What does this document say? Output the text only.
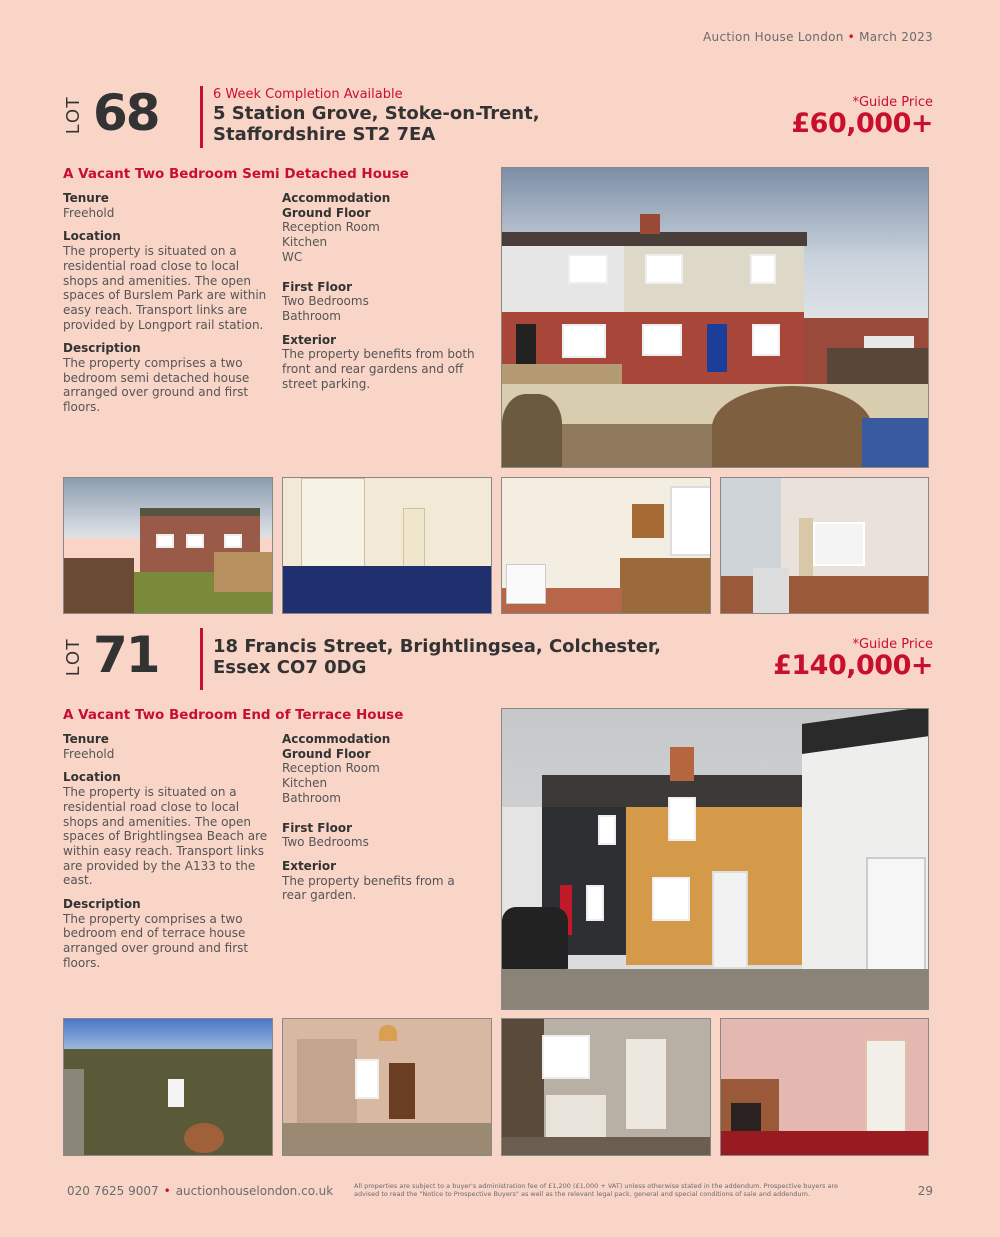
Auction House London • March 2023
LOT 68	6 Week Completion Available
5 Station Grove, Stoke-on-Trent,
Staffordshire ST2 7EA
*Guide Price
£60,000+
A Vacant Two Bedroom Semi Detached House
Tenure
Freehold
Location
The property is situated on a residential road close to local shops and amenities. The open spaces of Burslem Park are within easy reach. Transport links are provided by Longport rail station.
Description
The property comprises a two bedroom semi detached house arranged over ground and first floors.
Accommodation
Ground Floor
Reception Room
Kitchen
WC
First Floor
Two Bedrooms
Bathroom
Exterior
The property benefits from both front and rear gardens and off street parking.
LOT 71	18 Francis Street, Brightlingsea, Colchester,
Essex CO7 0DG
*Guide Price
£140,000+
A Vacant Two Bedroom End of Terrace House
Tenure
Freehold
Location
The property is situated on a residential road close to local shops and amenities. The open spaces of Brightlingsea Beach are within easy reach. Transport links are provided by the A133 to the east.
Description
The property comprises a two bedroom end of terrace house arranged over ground and first floors.
Accommodation
Ground Floor
Reception Room
Kitchen
Bathroom
First Floor
Two Bedrooms
Exterior
The property benefits from a rear garden.
020 7625 9007 • auctionhouselondon.co.uk	All properties are subject to a buyer's administration fee of £1,200 (£1,000 + VAT) unless otherwise stated in the addendum. Prospective buyers are advised to read the "Notice to Prospective Buyers" as well as the relevant legal pack, general and special conditions of sale and addendum.	29
